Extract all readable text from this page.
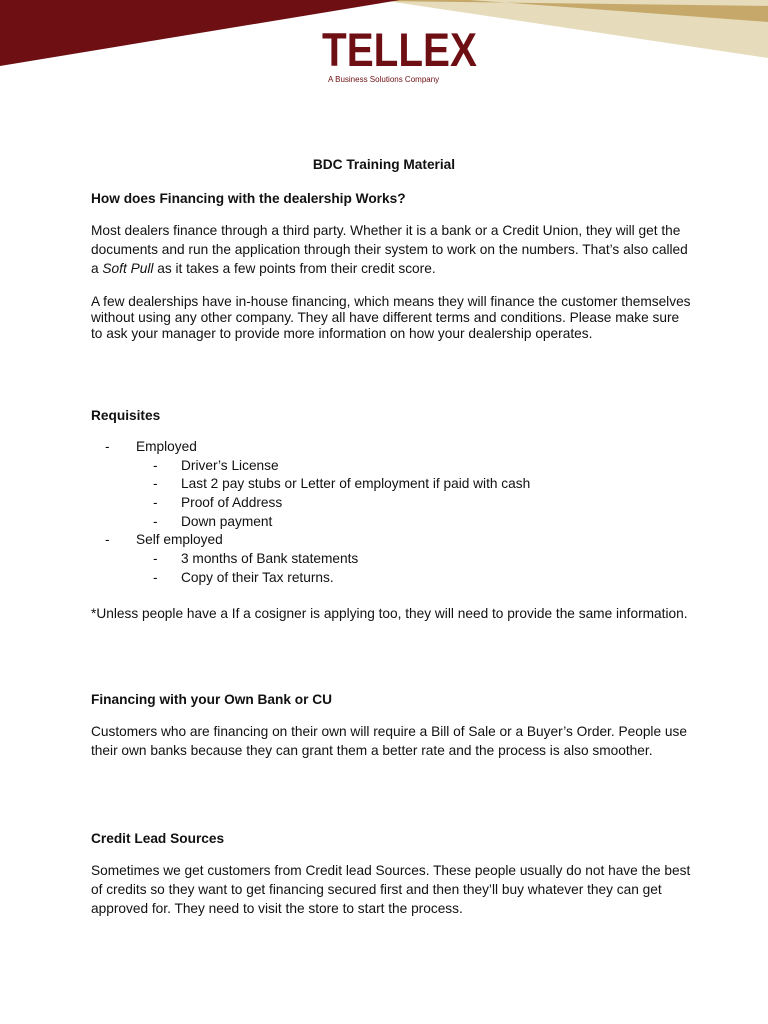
TELLEX
A Business Solutions Company
BDC Training Material
How does Financing with the dealership Works?

Most dealers finance through a third party. Whether it is a bank or a Credit Union, they will get the documents and run the application through their system to work on the numbers. That’s also called a Soft Pull as it takes a few points from their credit score.

A few dealerships have in-house financing, which means they will finance the customer themselves without using any other company. They all have different terms and conditions. Please make sure to ask your manager to provide more information on how your dealership operates.

Requisites
- Employed
- Driver’s License
- Last 2 pay stubs or Letter of employment if paid with cash
- Proof of Address
- Down payment
- Self employed
- 3 months of Bank statements
- Copy of their Tax returns.

*Unless people have a If a cosigner is applying too, they will need to provide the same information.

Financing with your Own Bank or CU

Customers who are financing on their own will require a Bill of Sale or a Buyer’s Order. People use their own banks because they can grant them a better rate and the process is also smoother.

Credit Lead Sources

Sometimes we get customers from Credit lead Sources. These people usually do not have the best of credits so they want to get financing secured first and then they’ll buy whatever they can get approved for. They need to visit the store to start the process.
